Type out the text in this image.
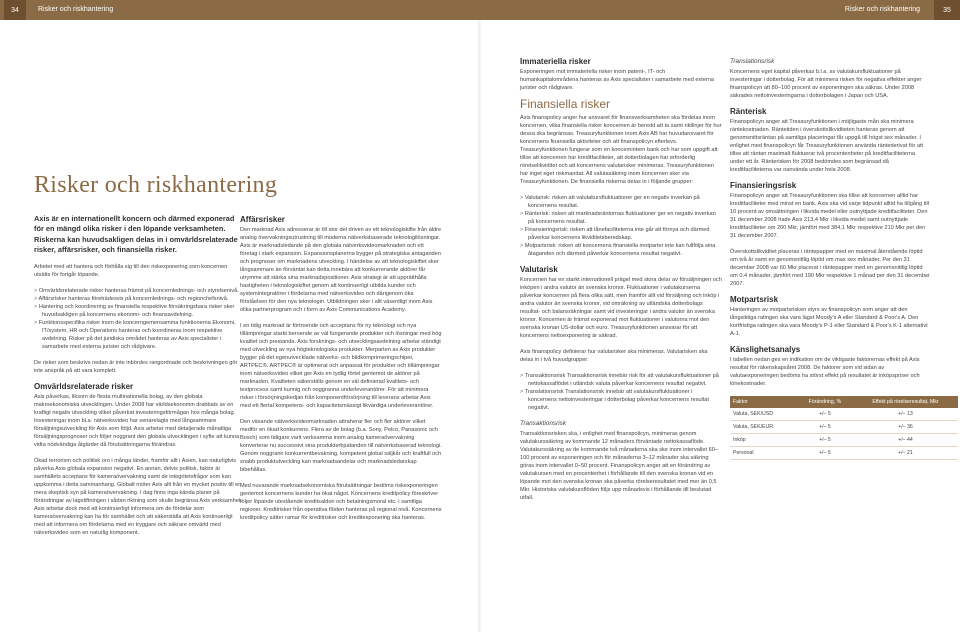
34	Risker och riskhantering	Risker och riskhantering	35
Risker och riskhantering
Axis är en internationellt koncern och därmed exponerad för en mängd olika risker i den löpande verksamheten. Riskerna kan huvudsakligen delas in i omvärldsrelaterade risker, affärsrisker, och finansiella risker.

Arbetet med att hantera och förhålla sig till den riskexponering som koncernen utsätts för fortgår löpande.

> Omvärldsrelaterade risker hanteras främst på koncernlednings- och styrelsenivå.
> Affärsrisker hanteras företrädesvis på koncernlednings- och regionchefsnivå.
> Hantering och koordinering av finansiella respektive försäkringsbara risker sker huvudsakligen på koncernens ekonomi- och finansavdelning.
> Funktionsspecifika risker inom de koncerngemensamma funktionerna Ekonomi, IT/system, HR och Operations hanteras och koordineras inom respektive avdelning. Risker på det juridiska området hanteras av Axis specialister i samarbete med externa jurister och rådgivare.

De risker som beskrivs nedan är inte inbördes rangordnade och beskrivningen gör inte anspråk på att vara komplett.

Omvärldsrelaterade risker

Axis påverkas, liksom de flesta multinationella bolag, av den globala makroekonomiska utvecklingen. Under 2008 har världsekonomin drabbats av en kraftigt negativ utveckling vilket påverkat investeringsförmågan hos många bolag. Investeringar inom bl.a. nätverksvideo har senarelagts med långsammare försäljningsutveckling för Axis som följd. Axis arbetar med detaljerade månatliga försäljningsprognoser och följer noggrant den globala utvecklingen i syfte att kunna vidta nödvändiga åtgärder då förutsättningarna förändras.

Ökad terrorism och politisk oro i många länder, framför allt i Asien, kan naturligtvis påverka Axis globala expansion negativt. En annan, delvis politisk, faktor är samhällets acceptans för kameraövervakning samt de integritetsfrågor som kan uppkomma i detta sammanhang. Globalt möter Axis allt från en mycket positiv till en mera skeptisk syn på kameraövervakning. I dag finns inga kända planer på förändringar av lagstiftningen i sådan riktning som skulle begränsa Axis verksamhet. Axis arbetar dock med att kontinuerligt informera om de fördelar som kameraövervakning kan ha för samhället och att säkerställa att Axis kontinuerligt med att informera om fördelarna med en tryggare och säkrare omvärld med nätverksvideo som en naturlig komponent.

Affärsrisker

Den marknad Axis adresserar är till stor del driven av ett teknologiskifte från äldre analog övervakningsutrustning till moderna nätverksbaserade teknologilösningar. Axis är marknadsledande på den globala nätverksvideomarknaden och ett företag i stark expansion. Expansionsplanerna bygger på strategiska antaganden och prognoser om marknadens utveckling. I händelse av att teknologiskiftet sker långsammare än förväntat kan detta innebära att konkurrerande aktörer får utrymme att stärka sina marknadspositioner. Axis strategi är att upprätthålla hastigheten i teknologiskiftet genom att kontinuerligt utbilda kunder och systemintegratörer i fördelarna med nätverksvideo och därigenom öka förståelsen för den nya teknologin. Utbildningen sker i allt väsentligt inom Axis olika partnerprogram och i form av Axis Communications Academy.

I en tidig marknad är förtroende och acceptans för ny teknologi och nya tillämpningar starkt beroende av väl fungerande produkter och lösningar med hög kvalitet och prestanda. Axis forsknings- och utvecklingsavdelning arbetar ständigt med utveckling av nya högteknologiska produkter. Merparten av Axis produkter bygger på det egenutvecklade nätverks- och bildkomprimeringschipet, ARTPEC®. ARTPEC® är optimerat och anpassat för produkter och tillämpningar inom nätverksvideo vilket ger Axis en tydlig förtel gentemot de aktörer på marknaden. Kvaliteten säkerställs genom en väl definierad kvalitets- och testprocess samt kunnig och noggranna underleverantörer. För att minimera risker i försörjningskedjan från komponentförsörjning till leverans arbetar Axis med ett flertal kompetens- och kapacitetsmässigt likvärdiga underleverantörer.

Den växande nätverksvideomarknaden attraherar fler och fler aktörer vilket medför en ökad konkurrens. Flera av de bolag (b.a. Sony, Pelco, Panasonic och Bosch) som tidigare varit verksamma inom analog kameraövervakning konverterar nu successivt sina produkterbjudanden till nätverksbaserad teknologi. Genom noggrann konkurrentbevakning, kompetent global säljkår och kraftfull och snabb produktutveckling kan marknadsandelar och marknadsledarskap bibehållas.

Med nuvarande marknadsekonomiska förutsättningar bedöms riskexponeringen gentemot koncernens kunder ha ökat något. Koncernens kreditpolicy föreskriver följer löpande utestående kreditsaldon och betalningsmoral etc. i samtliga regioner. Kreditrisker från operativa flöden hanteras på regional nivå. Koncernens kreditpolicy sätter ramar för kreditrisker och kreditexponering ska hanteras.

Immateriella risker

Exponeringen mot immateriella risker inom patent-, IT- och humankapitalområdena hanteras av Axis specialister i samarbete med externa jurister och rådgivare.

Finansiella risker

Axis finanspolicy anger hur ansvaret för finansverksamheten ska fördelas inom koncernen, vilka finansiella risker koncernen är beredd att ta samt riktlinjer för hur dessa ska begränsas. Treasuryfunktionen inom Axis AB har huvudansvaret för koncernens finansiella aktiviteter och att finanspolicyn efterlevs. Treasuryfunktionen fungerar som en koncernintern bank och har som uppgift att tillse att koncernen har kreditfaciliteter, att dotterbolagen har erforderlig rörelselikviditet och att koncernens valutarisker minimeras. Treasuryfunktionen har inget eget riskmandat. All valutasäkring inom koncernen sker via Treasuryfunktionen. De finansiella riskerna delas in i följande grupper:

> Valutarisk: risken att valutakursfluktuationer ger en negativ inverkan på koncernens resultat.
> Ränterisk: risken att marknadsräntornas fluktuationer ger en negativ inverkan på koncernens resultat.
> Finansieringsrisk: risken att lånefaciliteterna inte går att förnya och därmed påverkar koncernens likviditetsberedskap.
> Motpartsrisk: risken att koncernens finansiella motparter inte kan fullfölja sina åtaganden och därmed påverkar koncernens resultat negativt.
Valutarisk

Koncernen har en starkt internationell prägel med stora delar av försäljningen och inköpen i andra valutor än svenska kronor. Fluktuationer i valutakurserna påverkar koncernen på flera olika sätt, men framför allt vid försäljning och inköp i andra valutor än svenska kronor, vid omräkning av utländska dotterbolags resultat- och balansräkningar samt vid investeringar i andra valutor än svenska kronor. Koncernen är främst exponerad mot fluktuationer i valutorna mot den svenska kronan US-dollar och euro. Treasuryfunktionen ansvarar för att koncernens nettoexponering är säkrad.

Axis finanspolicy definierar hur valutarisker ska minimeras. Valutarisken ska delas in i två huvudgrupper:

> Transaktionsrisk Transaktionsrisk innebär risk för att valutakursfluktuationer på nettokassaflödet i utländsk valuta påverkar koncernens resultat negativt.
> Translationsrisk Translationsrisk innebär att valutakursfluktuationer i koncernens nettoinvesteringar i dotterbolag påverkar koncernens resultat negativt.
Transaktionsrisk

Transaktionsrisken ska, i enlighet med finanspolicyn, minimeras genom valutakurssäkring av kommande 12 månaders förväntade nettokassaflöde. Valutakurssäkring av de kommande två månaderna ska ske inom intervallet 60–100 procent av exponeringen och för månaderna 3–12 månader ska säkring göras inom intervallet 0–50 procent. Finanspolicyn anger att en förändring av valutakursen med en procentenhet i förhållande till den svenska kronan vid en löpande mot den svenska kronan ska påverka rörelseresultatet med mer än 0,5 Mkr. Historiska valutakursflöden följs upp månadsvis i förhållande till beslutad utfall.

Translationsrisk

Koncernens eget kapital påverkas b.l.a. av valutakursfluktuationer på investeringar i dotterbolag. För att minimera risken för negativa effekter anger finanspolicyn att 80–100 procent av exponeringen ska säkras. Under 2008 säkrades nettoinvesteringarna i dotterbolagen i Japan och USA.

Ränterisk

Finanspolicyn anger att Treasuryfunktionen i möjligaste mån ska minimera räntekostnaden. Räntetiden i överskottslikviditeten hanteras genom att genomsnittsräntan på samtliga placeringar får uppgå till högst sex månader. I enlighet med finanspolicyn får Treasuryfunktionen använda räntederivat för att tillse att räntan maximalt fluktuerar två procentenheter på kreditfaciliteterna under ett år. Ränterisken för 2008 bedömdes som begränsad då kreditfaciliteterna var oanvända under hela 2008.

Finansieringsrisk

Finanspolicyn anger att Treasuryfunktionen ska tillse att koncernen alltid har kreditfaciliteter med minst en bank. Axis ska vid varje tidpunkt alltid ha tillgång till 10 procent av omsättningen i likvida medel eller outnyttjade kreditfaciliteter. Den 31 december 2008 hade Axis 213,4 Mkr i likvida medel samt outnyttjade kreditfaciliteter om 200 Mkr, jämfört med 384,1 Mkr respektive 210 Mkr per den 31 december 2007.

Överskottslikviditet placeras i räntepapper med en maximal återstående löptid om två år samt en genomsnittlig löptid om max sex månader. Per den 31 december 2008 var 60 Mkr placerat i räntepapper med en genomsnittlig löptid om 0,4 månader, jämfört med 190 Mkr respektive 1 månad per den 31 december 2007.

Motpartsrisk

Hanteringen av motpartsrisken styrs av finanspolicyn som anger att den långsiktiga ratingen ska vara lägst Moody's A eller Standard & Poor's A. Den kortfristiga ratingen ska vara Moody's P-1 eller Standard & Poor's K-1 alternativt A-1.

Känslighetsanalys

I tabellen nedan ges en indikation om de viktigaste faktorernas effekt på Axis resultat för räkenskapsåret 2008. De faktorer som vid sidan av valutaexponeringen bedöms ha störst effekt på resultatet är inköpspriser och lönekostnader.

Faktor	Förändring, %	Effekt på rörelseresultat, Mkr
Valuta, SEK/USD	+/– 5	+/– 13
Valuta, SEK/EUR	+/– 5	+/– 36
Inköp	+/– 5	+/– 44
Personal	+/– 5	+/– 21
